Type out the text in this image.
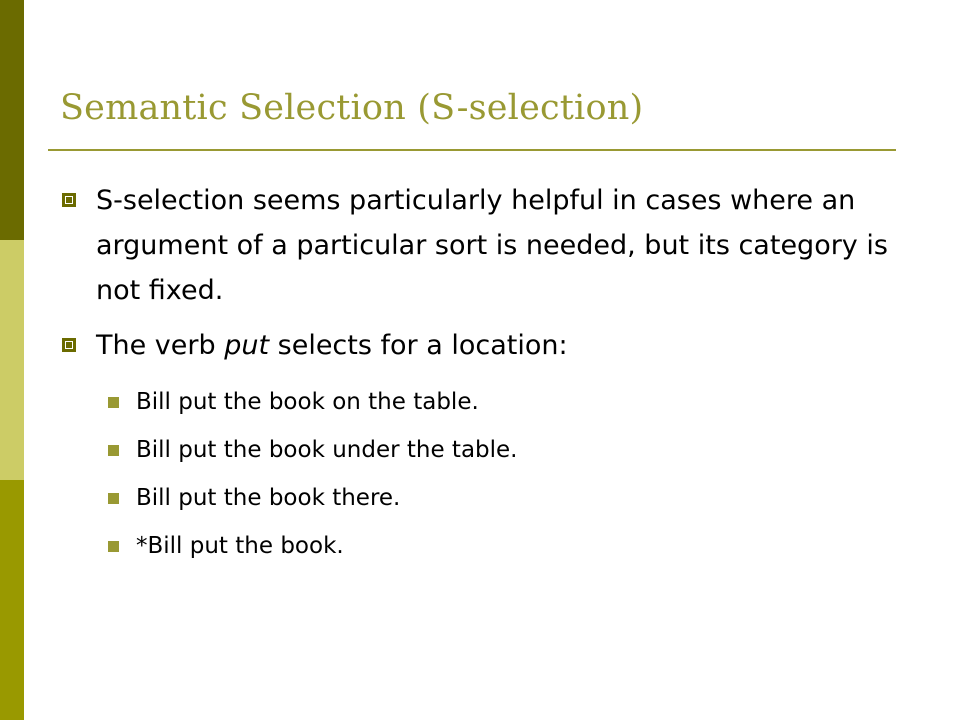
Semantic Selection (S-selection)
S-selection seems particularly helpful in cases where an argument of a particular sort is needed, but its category is not fixed.
The verb put selects for a location:
Bill put the book on the table.
Bill put the book under the table.
Bill put the book there.
*Bill put the book.
